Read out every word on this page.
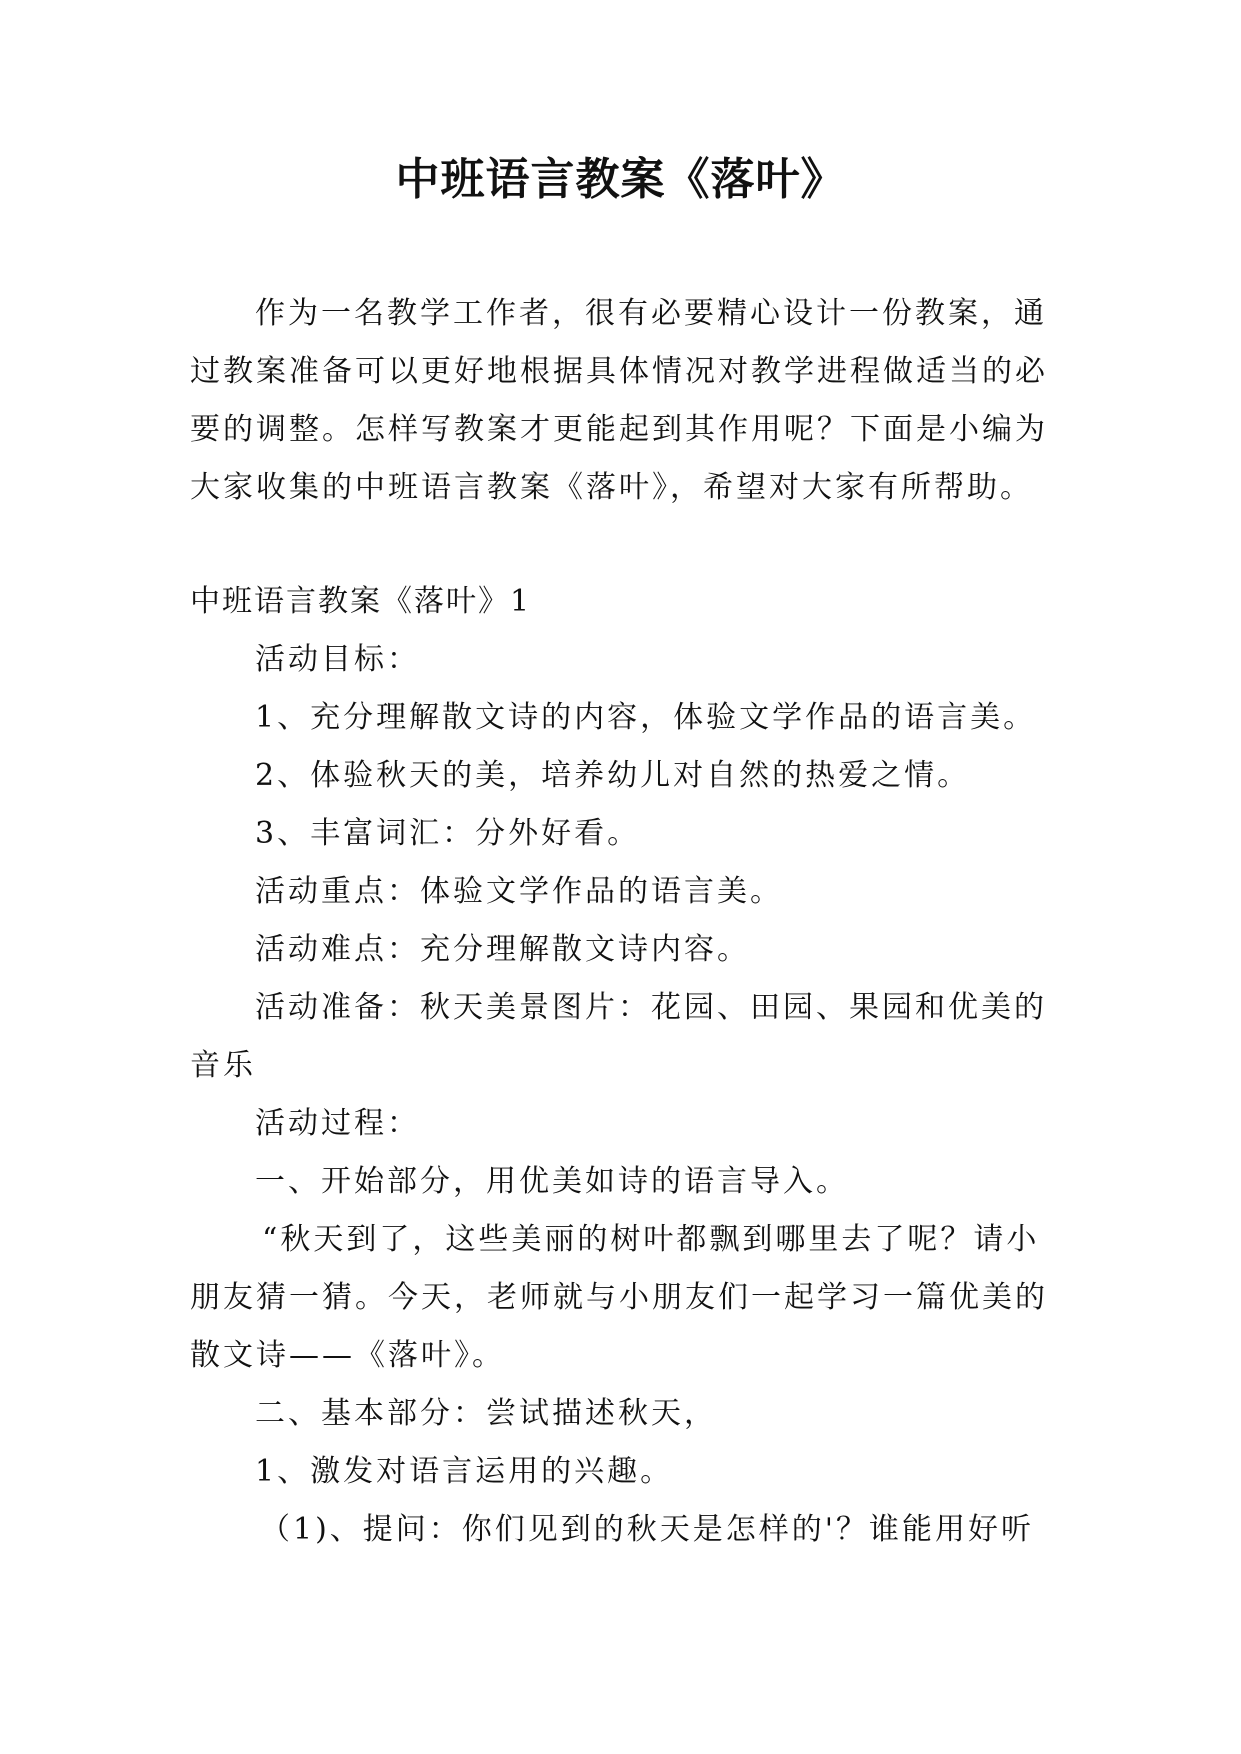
中班语言教案《落叶》

作为一名教学工作者，很有必要精心设计一份教案，通过教案准备可以更好地根据具体情况对教学进程做适当的必要的调整。怎样写教案才更能起到其作用呢？下面是小编为大家收集的中班语言教案《落叶》，希望对大家有所帮助。

中班语言教案《落叶》1

活动目标：

1、充分理解散文诗的内容，体验文学作品的语言美。

2、体验秋天的美，培养幼儿对自然的热爱之情。

3、丰富词汇：分外好看。

活动重点：体验文学作品的语言美。

活动难点：充分理解散文诗内容。

活动准备：秋天美景图片：花园、田园、果园和优美的音乐

活动过程：

一、开始部分，用优美如诗的语言导入。

“秋天到了，这些美丽的树叶都飘到哪里去了呢？请小朋友猜一猜。今天，老师就与小朋友们一起学习一篇优美的散文诗——《落叶》。

二、基本部分：尝试描述秋天，

1、激发对语言运用的兴趣。

（1)、提问：你们见到的秋天是怎样的'？谁能用好听
